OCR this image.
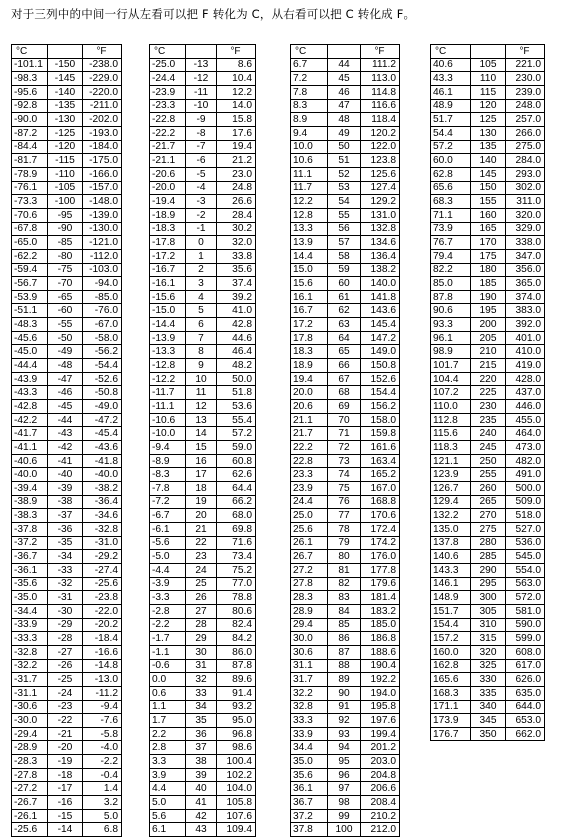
对于三列中的中间一行从左看可以把 F 转化为 C，从右看可以把 C 转化成 F。
°C		°F
-101.1	-150	-238.0
-98.3	-145	-229.0
-95.6	-140	-220.0
-92.8	-135	-211.0
-90.0	-130	-202.0
-87.2	-125	-193.0
-84.4	-120	-184.0
-81.7	-115	-175.0
-78.9	-110	-166.0
-76.1	-105	-157.0
-73.3	-100	-148.0
-70.6	-95	-139.0
-67.8	-90	-130.0
-65.0	-85	-121.0
-62.2	-80	-112.0
-59.4	-75	-103.0
-56.7	-70	-94.0
-53.9	-65	-85.0
-51.1	-60	-76.0
-48.3	-55	-67.0
-45.6	-50	-58.0
-45.0	-49	-56.2
-44.4	-48	-54.4
-43.9	-47	-52.6
-43.3	-46	-50.8
-42.8	-45	-49.0
-42.2	-44	-47.2
-41.7	-43	-45.4
-41.1	-42	-43.6
-40.6	-41	-41.8
-40.0	-40	-40.0
-39.4	-39	-38.2
-38.9	-38	-36.4
-38.3	-37	-34.6
-37.8	-36	-32.8
-37.2	-35	-31.0
-36.7	-34	-29.2
-36.1	-33	-27.4
-35.6	-32	-25.6
-35.0	-31	-23.8
-34.4	-30	-22.0
-33.9	-29	-20.2
-33.3	-28	-18.4
-32.8	-27	-16.6
-32.2	-26	-14.8
-31.7	-25	-13.0
-31.1	-24	-11.2
-30.6	-23	-9.4
-30.0	-22	-7.6
-29.4	-21	-5.8
-28.9	-20	-4.0
-28.3	-19	-2.2
-27.8	-18	-0.4
-27.2	-17	1.4
-26.7	-16	3.2
-26.1	-15	5.0
-25.6	-14	6.8
°C		°F
-25.0	-13	8.6
-24.4	-12	10.4
-23.9	-11	12.2
-23.3	-10	14.0
-22.8	-9	15.8
-22.2	-8	17.6
-21.7	-7	19.4
-21.1	-6	21.2
-20.6	-5	23.0
-20.0	-4	24.8
-19.4	-3	26.6
-18.9	-2	28.4
-18.3	-1	30.2
-17.8	0	32.0
-17.2	1	33.8
-16.7	2	35.6
-16.1	3	37.4
-15.6	4	39.2
-15.0	5	41.0
-14.4	6	42.8
-13.9	7	44.6
-13.3	8	46.4
-12.8	9	48.2
-12.2	10	50.0
-11.7	11	51.8
-11.1	12	53.6
-10.6	13	55.4
-10.0	14	57.2
-9.4	15	59.0
-8.9	16	60.8
-8.3	17	62.6
-7.8	18	64.4
-7.2	19	66.2
-6.7	20	68.0
-6.1	21	69.8
-5.6	22	71.6
-5.0	23	73.4
-4.4	24	75.2
-3.9	25	77.0
-3.3	26	78.8
-2.8	27	80.6
-2.2	28	82.4
-1.7	29	84.2
-1.1	30	86.0
-0.6	31	87.8
0.0	32	89.6
0.6	33	91.4
1.1	34	93.2
1.7	35	95.0
2.2	36	96.8
2.8	37	98.6
3.3	38	100.4
3.9	39	102.2
4.4	40	104.0
5.0	41	105.8
5.6	42	107.6
6.1	43	109.4
°C		°F
6.7	44	111.2
7.2	45	113.0
7.8	46	114.8
8.3	47	116.6
8.9	48	118.4
9.4	49	120.2
10.0	50	122.0
10.6	51	123.8
11.1	52	125.6
11.7	53	127.4
12.2	54	129.2
12.8	55	131.0
13.3	56	132.8
13.9	57	134.6
14.4	58	136.4
15.0	59	138.2
15.6	60	140.0
16.1	61	141.8
16.7	62	143.6
17.2	63	145.4
17.8	64	147.2
18.3	65	149.0
18.9	66	150.8
19.4	67	152.6
20.0	68	154.4
20.6	69	156.2
21.1	70	158.0
21.7	71	159.8
22.2	72	161.6
22.8	73	163.4
23.3	74	165.2
23.9	75	167.0
24.4	76	168.8
25.0	77	170.6
25.6	78	172.4
26.1	79	174.2
26.7	80	176.0
27.2	81	177.8
27.8	82	179.6
28.3	83	181.4
28.9	84	183.2
29.4	85	185.0
30.0	86	186.8
30.6	87	188.6
31.1	88	190.4
31.7	89	192.2
32.2	90	194.0
32.8	91	195.8
33.3	92	197.6
33.9	93	199.4
34.4	94	201.2
35.0	95	203.0
35.6	96	204.8
36.1	97	206.6
36.7	98	208.4
37.2	99	210.2
37.8	100	212.0
°C		°F
40.6	105	221.0
43.3	110	230.0
46.1	115	239.0
48.9	120	248.0
51.7	125	257.0
54.4	130	266.0
57.2	135	275.0
60.0	140	284.0
62.8	145	293.0
65.6	150	302.0
68.3	155	311.0
71.1	160	320.0
73.9	165	329.0
76.7	170	338.0
79.4	175	347.0
82.2	180	356.0
85.0	185	365.0
87.8	190	374.0
90.6	195	383.0
93.3	200	392.0
96.1	205	401.0
98.9	210	410.0
101.7	215	419.0
104.4	220	428.0
107.2	225	437.0
110.0	230	446.0
112.8	235	455.0
115.6	240	464.0
118.3	245	473.0
121.1	250	482.0
123.9	255	491.0
126.7	260	500.0
129.4	265	509.0
132.2	270	518.0
135.0	275	527.0
137.8	280	536.0
140.6	285	545.0
143.3	290	554.0
146.1	295	563.0
148.9	300	572.0
151.7	305	581.0
154.4	310	590.0
157.2	315	599.0
160.0	320	608.0
162.8	325	617.0
165.6	330	626.0
168.3	335	635.0
171.1	340	644.0
173.9	345	653.0
176.7	350	662.0
